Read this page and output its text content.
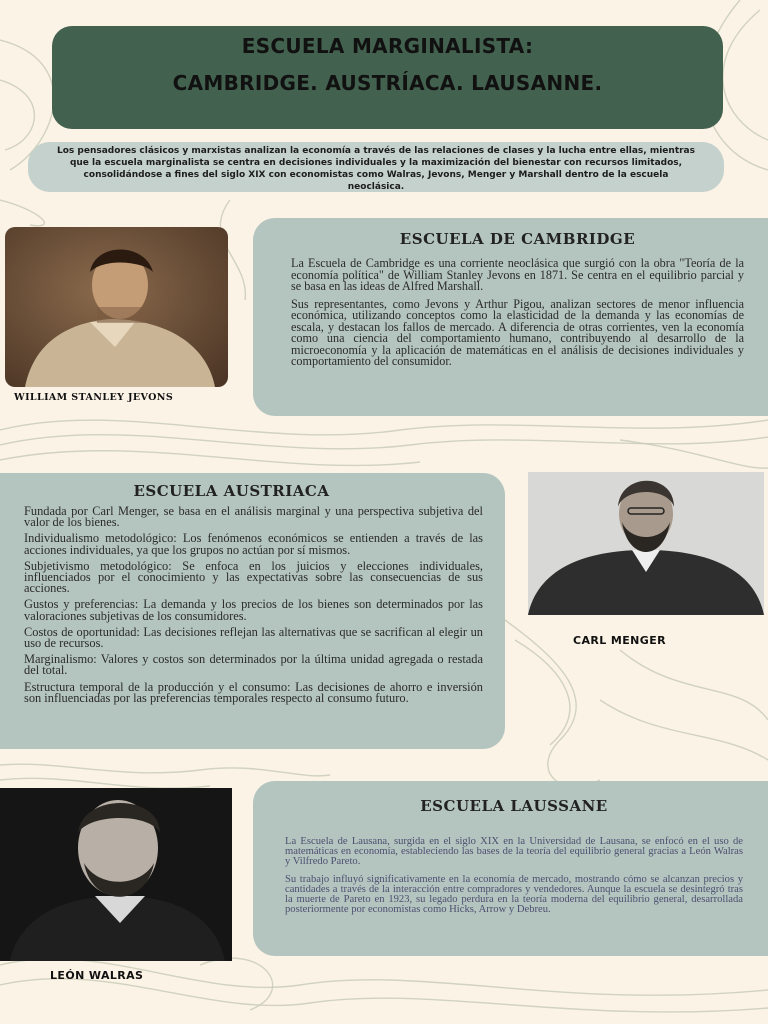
ESCUELA MARGINALISTA:
CAMBRIDGE. AUSTRÍACA. LAUSANNE.
Los pensadores clásicos y marxistas analizan la economía a través de las relaciones de clases y la lucha entre ellas, mientras que la escuela marginalista se centra en decisiones individuales y la maximización del bienestar con recursos limitados, consolidándose a fines del siglo XIX con economistas como Walras, Jevons, Menger y Marshall dentro de la escuela neoclásica.
WILLIAM STANLEY JEVONS
ESCUELA DE CAMBRIDGE

La Escuela de Cambridge es una corriente neoclásica que surgió con la obra "Teoría de la economía política" de William Stanley Jevons en 1871. Se centra en el equilibrio parcial y se basa en las ideas de Alfred Marshall.

Sus representantes, como Jevons y Arthur Pigou, analizan sectores de menor influencia económica, utilizando conceptos como la elasticidad de la demanda y las economías de escala, y destacan los fallos de mercado. A diferencia de otras corrientes, ven la economía como una ciencia del comportamiento humano, contribuyendo al desarrollo de la microeconomía y la aplicación de matemáticas en el análisis de decisiones individuales y comportamiento del consumidor.

ESCUELA AUSTRIACA

Fundada por Carl Menger, se basa en el análisis marginal y una perspectiva subjetiva del valor de los bienes.

Individualismo metodológico: Los fenómenos económicos se entienden a través de las acciones individuales, ya que los grupos no actúan por sí mismos.

Subjetivismo metodológico: Se enfoca en los juicios y elecciones individuales, influenciados por el conocimiento y las expectativas sobre las consecuencias de sus acciones.

Gustos y preferencias: La demanda y los precios de los bienes son determinados por las valoraciones subjetivas de los consumidores.

Costos de oportunidad: Las decisiones reflejan las alternativas que se sacrifican al elegir un uso de recursos.

Marginalismo: Valores y costos son determinados por la última unidad agregada o restada del total.

Estructura temporal de la producción y el consumo: Las decisiones de ahorro e inversión son influenciadas por las preferencias temporales respecto al consumo futuro.

CARL MENGER
LEÓN WALRAS
ESCUELA LAUSSANE

La Escuela de Lausana, surgida en el siglo XIX en la Universidad de Lausana, se enfocó en el uso de matemáticas en economía, estableciendo las bases de la teoría del equilibrio general gracias a León Walras y Vilfredo Pareto.

Su trabajo influyó significativamente en la economía de mercado, mostrando cómo se alcanzan precios y cantidades a través de la interacción entre compradores y vendedores. Aunque la escuela se desintegró tras la muerte de Pareto en 1923, su legado perdura en la teoría moderna del equilibrio general, desarrollada posteriormente por economistas como Hicks, Arrow y Debreu.
